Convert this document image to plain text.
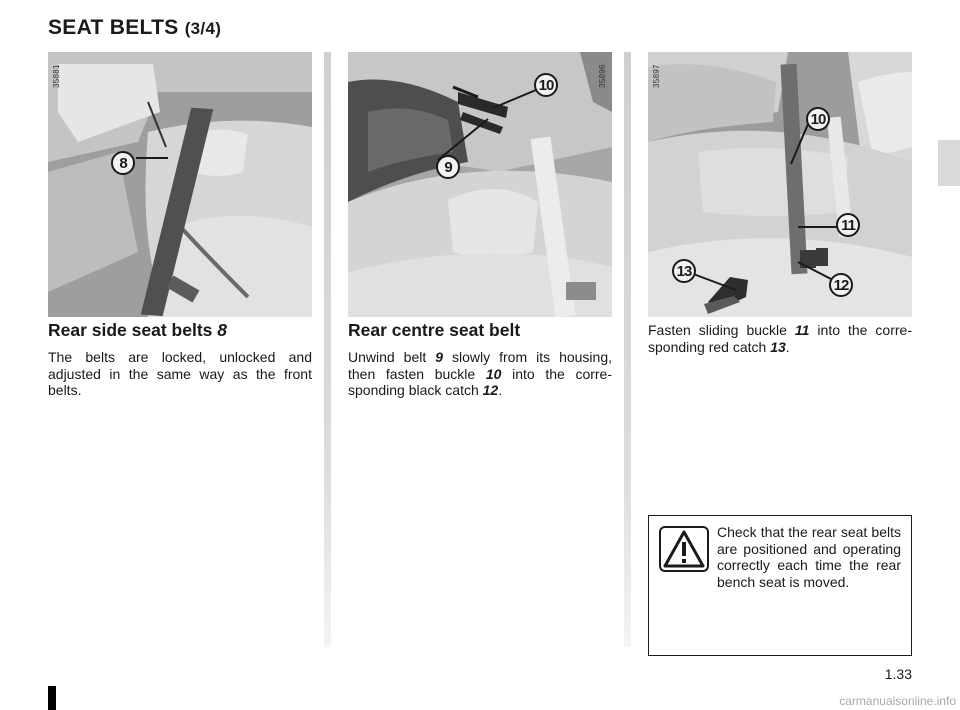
SEAT BELTS (3/4)
35881
8
35896
10
9
35897
10
11
12
13
Rear side seat belts 8
The belts are locked, unlocked and adjusted in the same way as the front belts.
Rear centre seat belt
Unwind belt 9 slowly from its housing, then fasten buckle 10 into the corre-sponding black catch 12.
Fasten sliding buckle 11 into the corre-sponding red catch 13.
Check that the rear seat belts are positioned and operating correctly each time the rear bench seat is moved.
1.33
carmanualsonline.info
